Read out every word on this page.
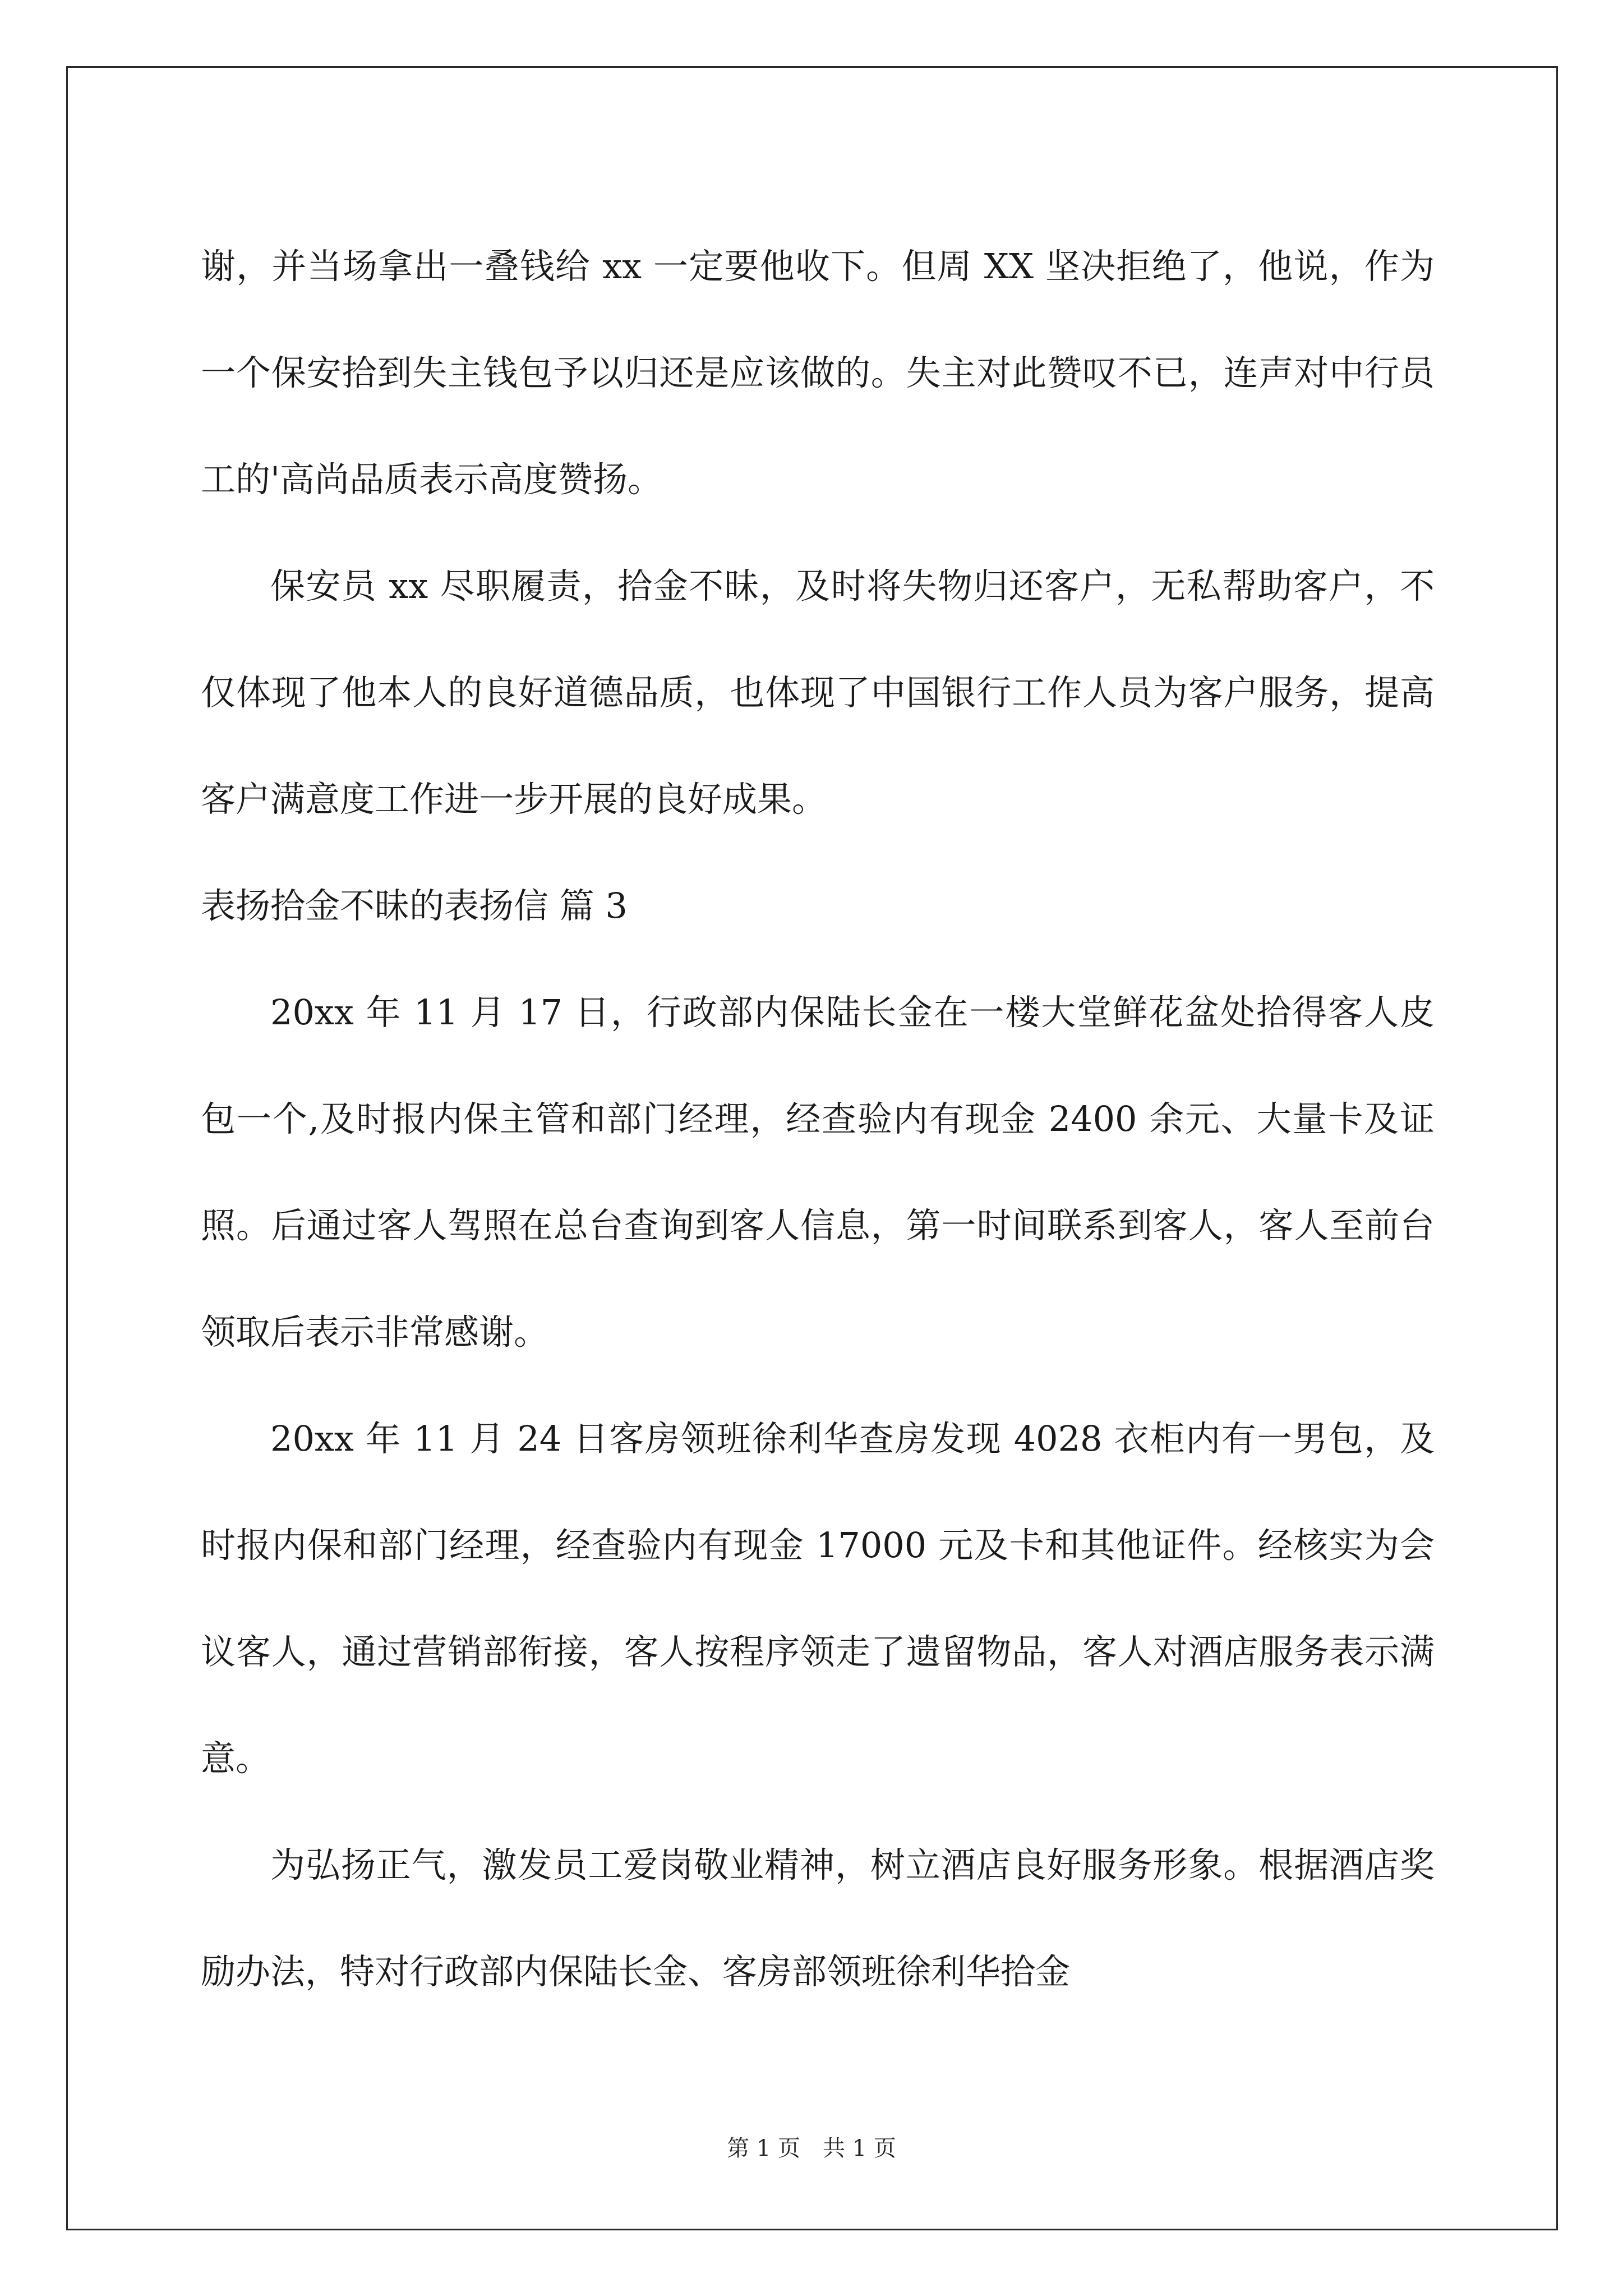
谢，并当场拿出一叠钱给 xx 一定要他收下。但周 XX 坚决拒绝了，他说，作为一个保安拾到失主钱包予以归还是应该做的。失主对此赞叹不已，连声对中行员工的'高尚品质表示高度赞扬。

保安员 xx 尽职履责，拾金不昧，及时将失物归还客户，无私帮助客户，不仅体现了他本人的良好道德品质，也体现了中国银行工作人员为客户服务，提高客户满意度工作进一步开展的良好成果。

表扬拾金不昧的表扬信 篇 3

20xx 年 11 月 17 日，行政部内保陆长金在一楼大堂鲜花盆处拾得客人皮包一个,及时报内保主管和部门经理，经查验内有现金 2400 余元、大量卡及证照。后通过客人驾照在总台查询到客人信息，第一时间联系到客人，客人至前台领取后表示非常感谢。

20xx 年 11 月 24 日客房领班徐利华查房发现 4028 衣柜内有一男包，及时报内保和部门经理，经查验内有现金 17000 元及卡和其他证件。经核实为会议客人，通过营销部衔接，客人按程序领走了遗留物品，客人对酒店服务表示满意。

为弘扬正气，激发员工爱岗敬业精神，树立酒店良好服务形象。根据酒店奖励办法，特对行政部内保陆长金、客房部领班徐利华拾金

第 1 页　共 1 页
